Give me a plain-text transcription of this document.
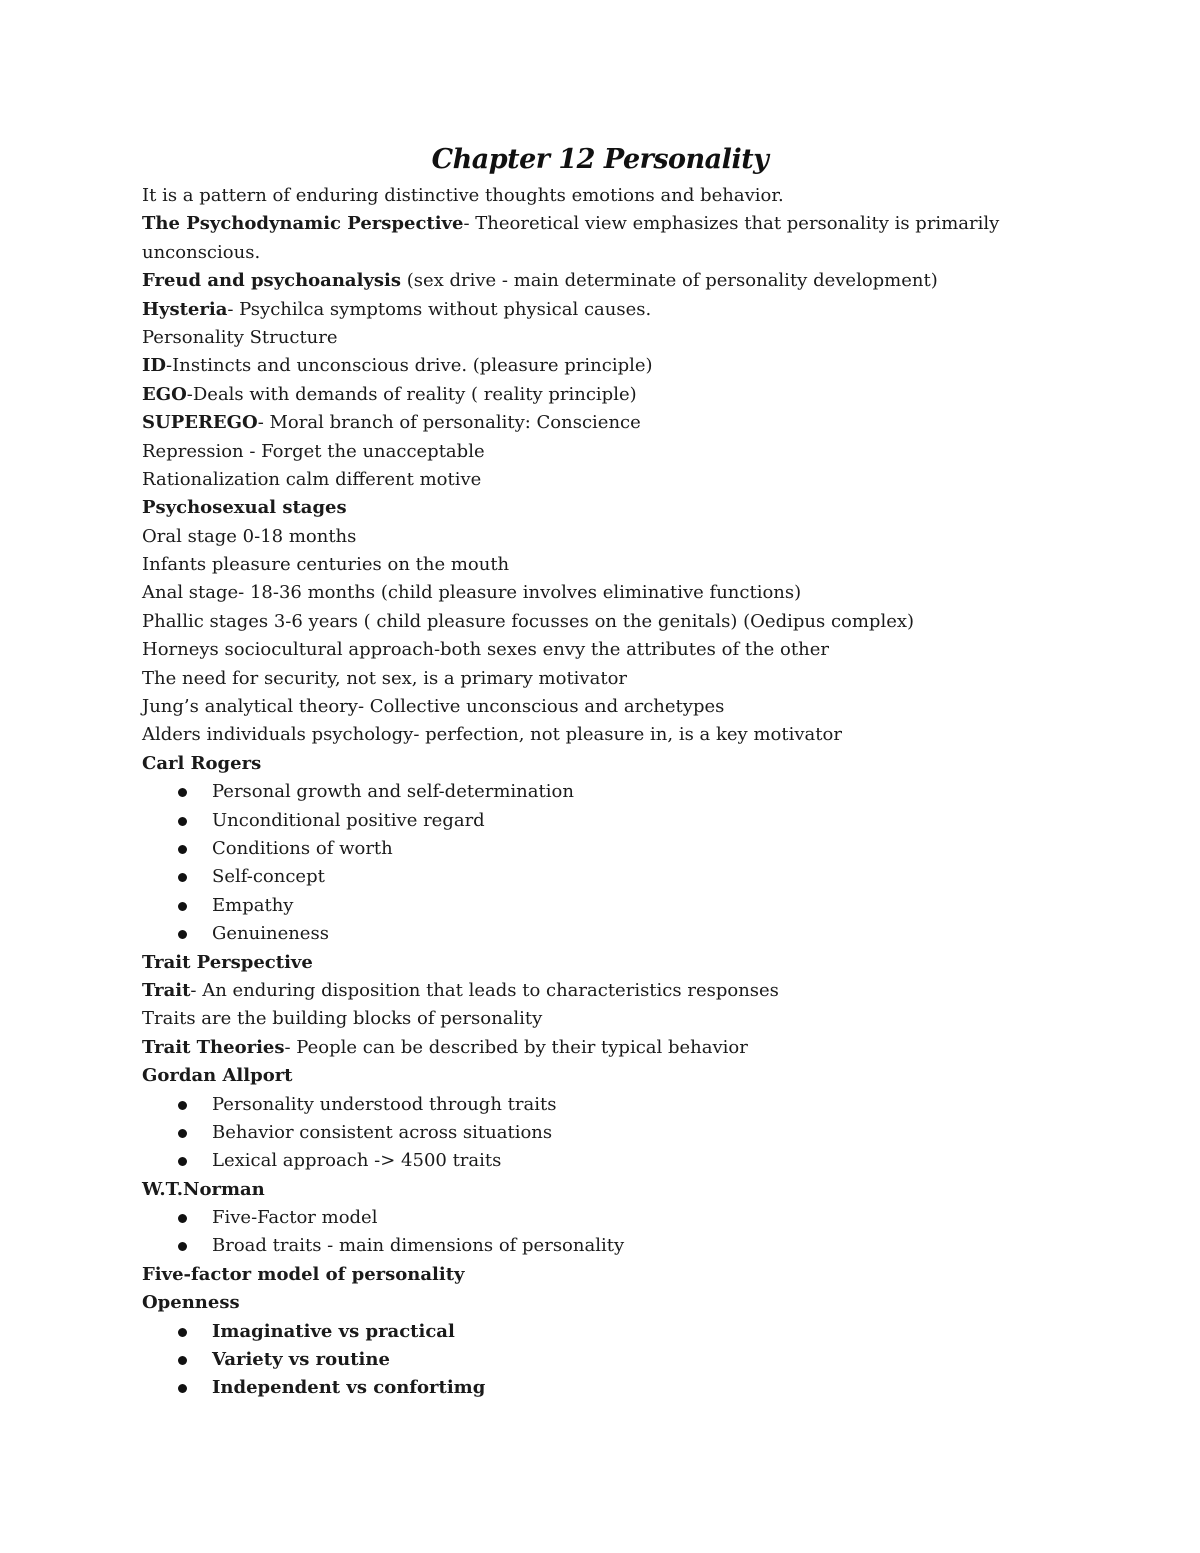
Chapter 12 Personality
It is a pattern of enduring distinctive thoughts emotions and behavior.
The Psychodynamic Perspective- Theoretical view emphasizes that personality is primarily
unconscious.
Freud and psychoanalysis (sex drive - main determinate of personality development)
Hysteria- Psychilca symptoms without physical causes.
Personality Structure
ID-Instincts and unconscious drive. (pleasure principle)
EGO-Deals with demands of reality ( reality principle)
SUPEREGO- Moral branch of personality: Conscience
Repression - Forget the unacceptable
Rationalization calm different motive
Psychosexual stages
Oral stage 0-18 months
Infants pleasure centuries on the mouth
Anal stage- 18-36 months (child pleasure involves eliminative functions)
Phallic stages 3-6 years ( child pleasure focusses on the genitals) (Oedipus complex)
Horneys sociocultural approach-both sexes envy the attributes of the other
The need for security, not sex, is a primary motivator
Jung’s analytical theory- Collective unconscious and archetypes
Alders individuals psychology- perfection, not pleasure in, is a key motivator
Carl Rogers
Personal growth and self-determination
Unconditional positive regard
Conditions of worth
Self-concept
Empathy
Genuineness
Trait Perspective
Trait- An enduring disposition that leads to characteristics responses
Traits are the building blocks of personality
Trait Theories- People can be described by their typical behavior
Gordan Allport
Personality understood through traits
Behavior consistent across situations
Lexical approach -> 4500 traits
W.T.Norman
Five-Factor model
Broad traits - main dimensions of personality
Five-factor model of personality
Openness
Imaginative vs practical
Variety vs routine
Independent vs confortimg
